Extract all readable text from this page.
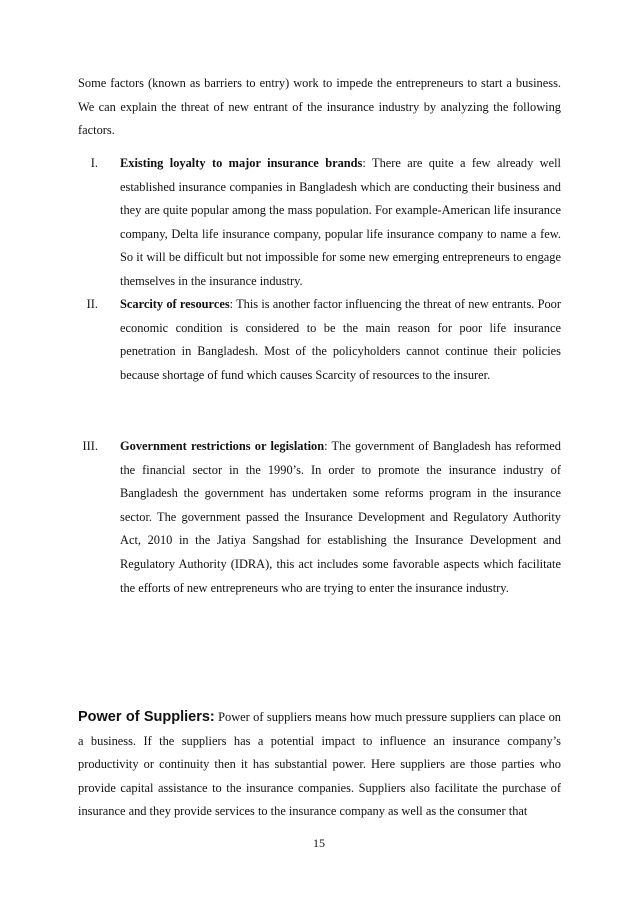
Some factors (known as barriers to entry) work to impede the entrepreneurs to start a business. We can explain the threat of new entrant of the insurance industry by analyzing the following factors.

I. Existing loyalty to major insurance brands: There are quite a few already well established insurance companies in Bangladesh which are conducting their business and they are quite popular among the mass population. For example-American life insurance company, Delta life insurance company, popular life insurance company to name a few. So it will be difficult but not impossible for some new emerging entrepreneurs to engage themselves in the insurance industry.

II. Scarcity of resources: This is another factor influencing the threat of new entrants. Poor economic condition is considered to be the main reason for poor life insurance penetration in Bangladesh. Most of the policyholders cannot continue their policies because shortage of fund which causes Scarcity of resources to the insurer.

III. Government restrictions or legislation: The government of Bangladesh has reformed the financial sector in the 1990’s. In order to promote the insurance industry of Bangladesh the government has undertaken some reforms program in the insurance sector. The government passed the Insurance Development and Regulatory Authority Act, 2010 in the Jatiya Sangshad for establishing the Insurance Development and Regulatory Authority (IDRA), this act includes some favorable aspects which facilitate the efforts of new entrepreneurs who are trying to enter the insurance industry.

Power of Suppliers: Power of suppliers means how much pressure suppliers can place on a business. If the suppliers has a potential impact to influence an insurance company’s productivity or continuity then it has substantial power. Here suppliers are those parties who provide capital assistance to the insurance companies. Suppliers also facilitate the purchase of insurance and they provide services to the insurance company as well as the consumer that

15
